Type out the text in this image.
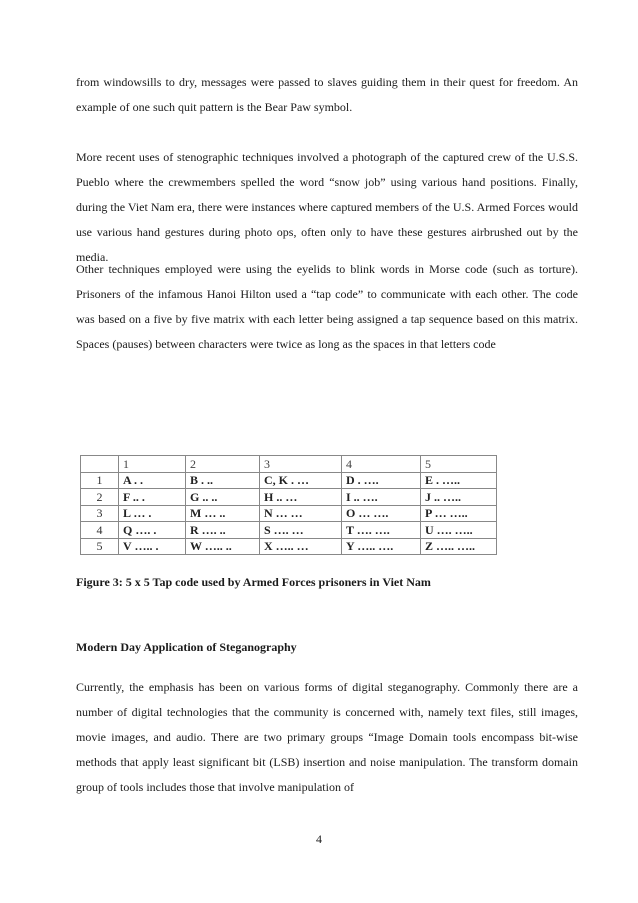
from windowsills to dry, messages were passed to slaves guiding them in their quest for freedom. An example of one such quit pattern is the Bear Paw symbol.

More recent uses of stenographic techniques involved a photograph of the captured crew of the U.S.S. Pueblo where the crewmembers spelled the word “snow job” using various hand positions. Finally, during the Viet Nam era, there were instances where captured members of the U.S. Armed Forces would use various hand gestures during photo ops, often only to have these gestures airbrushed out by the media.

Other techniques employed were using the eyelids to blink words in Morse code (such as torture). Prisoners of the infamous Hanoi Hilton used a “tap code” to communicate with each other. The code was based on a five by five matrix with each letter being assigned a tap sequence based on this matrix. Spaces (pauses) between characters were twice as long as the spaces in that letters code

	1	2	3	4	5
1	A . .	B . ..	C, K . …	D . ….	E . …..
2	F .. .	G .. ..	H .. …	I .. ….	J .. …..
3	L … .	M … ..	N … …	O … ….	P … …..
4	Q …. .	R …. ..	S …. …	T …. ….	U …. …..
5	V ….. .	W ….. ..	X ….. …	Y ….. ….	Z ….. …..

Figure 3: 5 x 5 Tap code used by Armed Forces prisoners in Viet Nam

Modern Day Application of Steganography

Currently, the emphasis has been on various forms of digital steganography. Commonly there are a number of digital technologies that the community is concerned with, namely text files, still images, movie images, and audio. There are two primary groups “Image Domain tools encompass bit-wise methods that apply least significant bit (LSB) insertion and noise manipulation. The transform domain group of tools includes those that involve manipulation of

4
